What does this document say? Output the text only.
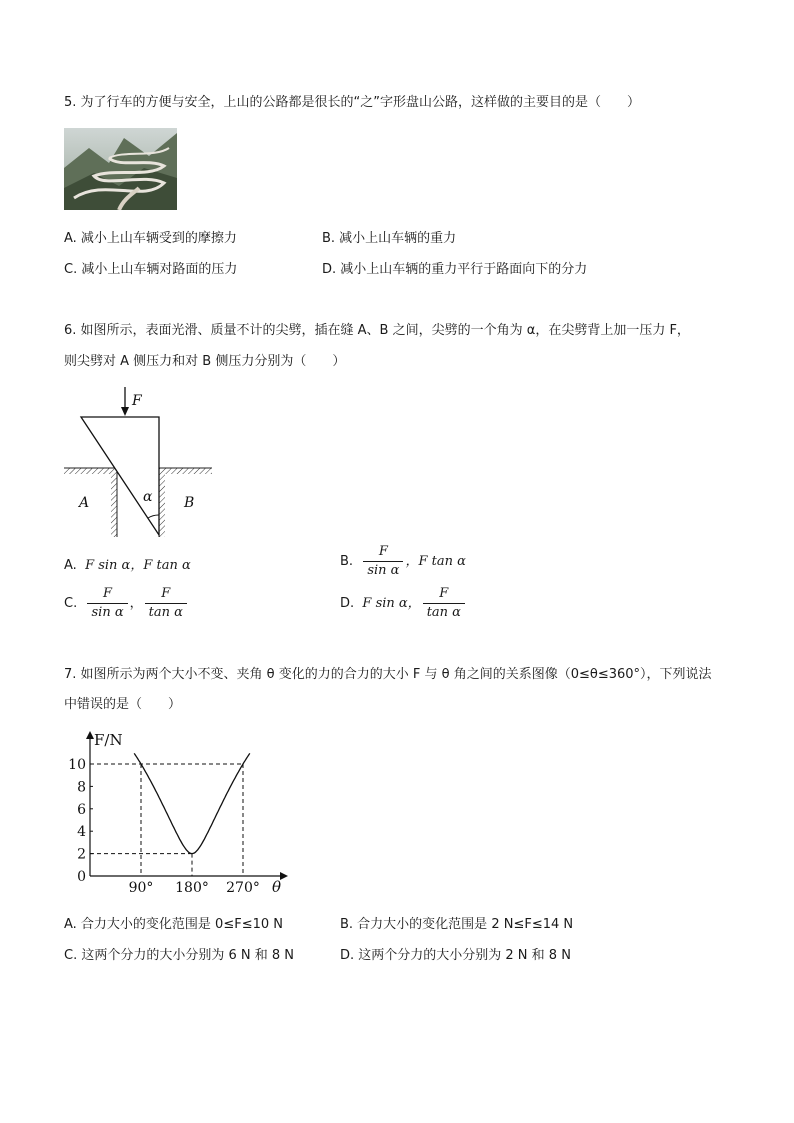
5. 为了行车的方便与安全，上山的公路都是很长的“之”字形盘山公路，这样做的主要目的是（　　）
A. 减小上山车辆受到的摩擦力	B. 减小上山车辆的重力
C. 减小上山车辆对路面的压力	D. 减小上山车辆的重力平行于路面向下的分力
6. 如图所示，表面光滑、质量不计的尖劈，插在缝 A、B 之间，尖劈的一个角为 α，在尖劈背上加一压力 F，
则尖劈对 A 侧压力和对 B 侧压力分别为（　　）
F
α
A	B
A. F sin α，F tan α	B. $\frac{F}{\text{sin α}}$ ，F tan α
C. $\frac{F}{\text{sin α}}$ ， $\frac{F}{\text{tan α}}$	D. F sin α， $\frac{F}{\text{tan α}}$
7. 如图所示为两个大小不变、夹角 θ 变化的力的合力的大小 F 与 θ 角之间的关系图像（0≤θ≤360°），下列说法
中错误的是（　　）
F/N
θ
0
2
4
6
8
10
90° 180° 270°
A. 合力大小的变化范围是 0≤F≤10 N	B. 合力大小的变化范围是 2 N≤F≤14 N
C. 这两个分力的大小分别为 6 N 和 8 N	D. 这两个分力的大小分别为 2 N 和 8 N
